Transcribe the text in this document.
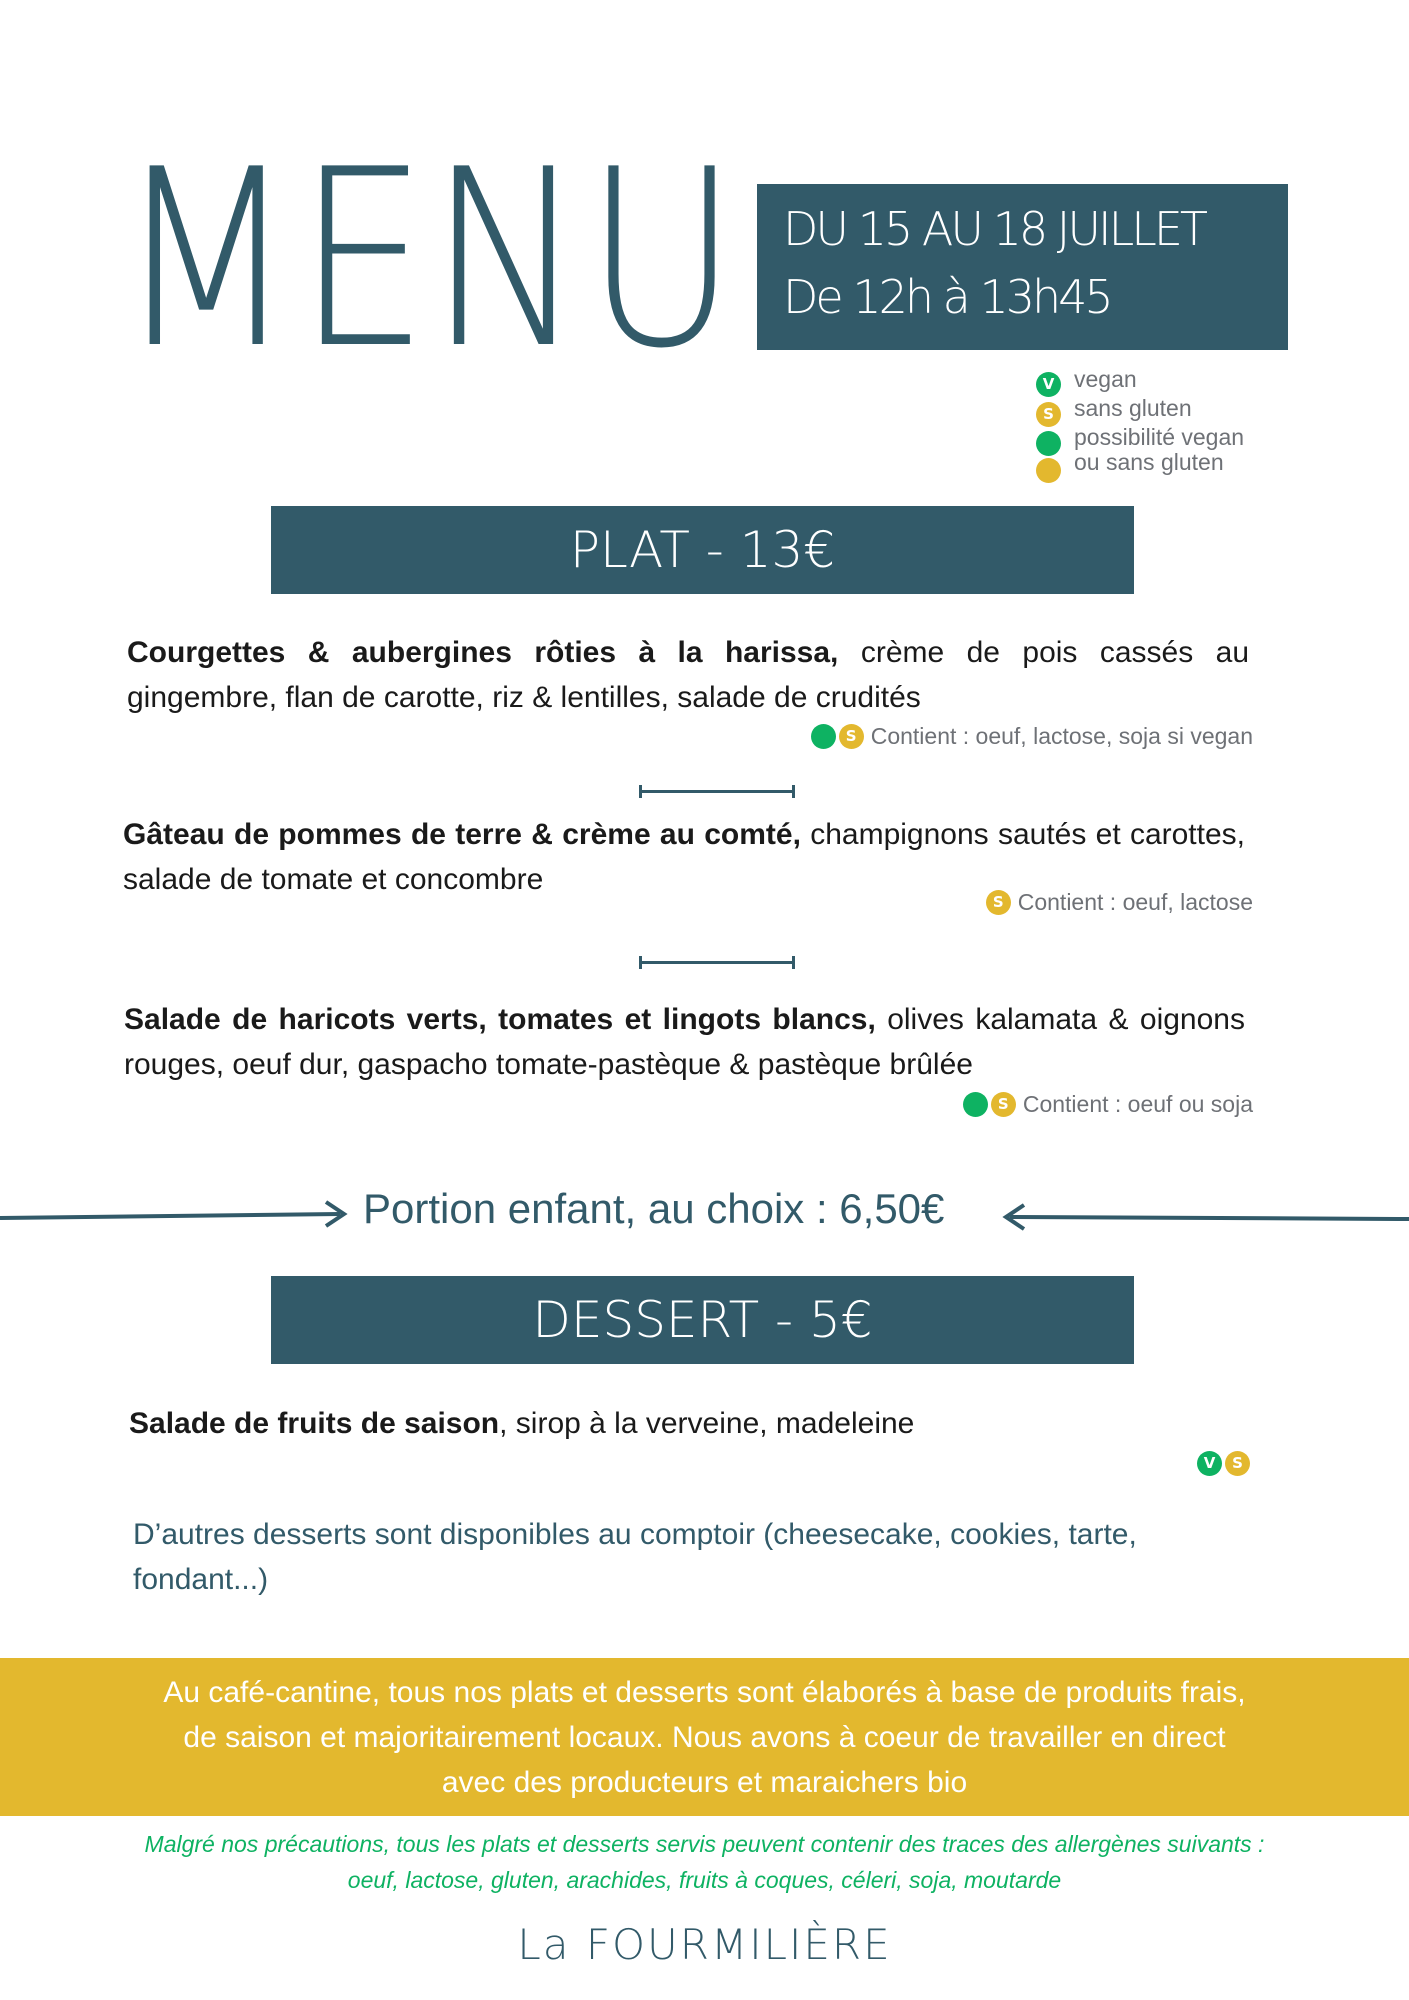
MENU DU 15 AU 18 JUILLET
De 12h à 13h45
V vegan
S sans gluten
possibilité vegan
ou sans gluten
PLAT - 13€
Courgettes & aubergines rôties à la harissa, crème de pois cassés au gingembre, flan de carotte, riz & lentilles, salade de crudités
S Contient : oeuf, lactose, soja si vegan
Gâteau de pommes de terre & crème au comté, champignons sautés et carottes, salade de tomate et concombre
S Contient : oeuf, lactose
Salade de haricots verts, tomates et lingots blancs, olives kalamata & oignons rouges, oeuf dur, gaspacho tomate-pastèque & pastèque brûlée
S Contient : oeuf ou soja
Portion enfant, au choix : 6,50€
DESSERT - 5€
Salade de fruits de saison, sirop à la verveine, madeleine
V S
D’autres desserts sont disponibles au comptoir (cheesecake, cookies, tarte, fondant...)
Au café-cantine, tous nos plats et desserts sont élaborés à base de produits frais,
de saison et majoritairement locaux. Nous avons à coeur de travailler en direct
avec des producteurs et maraichers bio
Malgré nos précautions, tous les plats et desserts servis peuvent contenir des traces des allergènes suivants :
oeuf, lactose, gluten, arachides, fruits à coques, céleri, soja, moutarde
La FOURMILIÈRE
